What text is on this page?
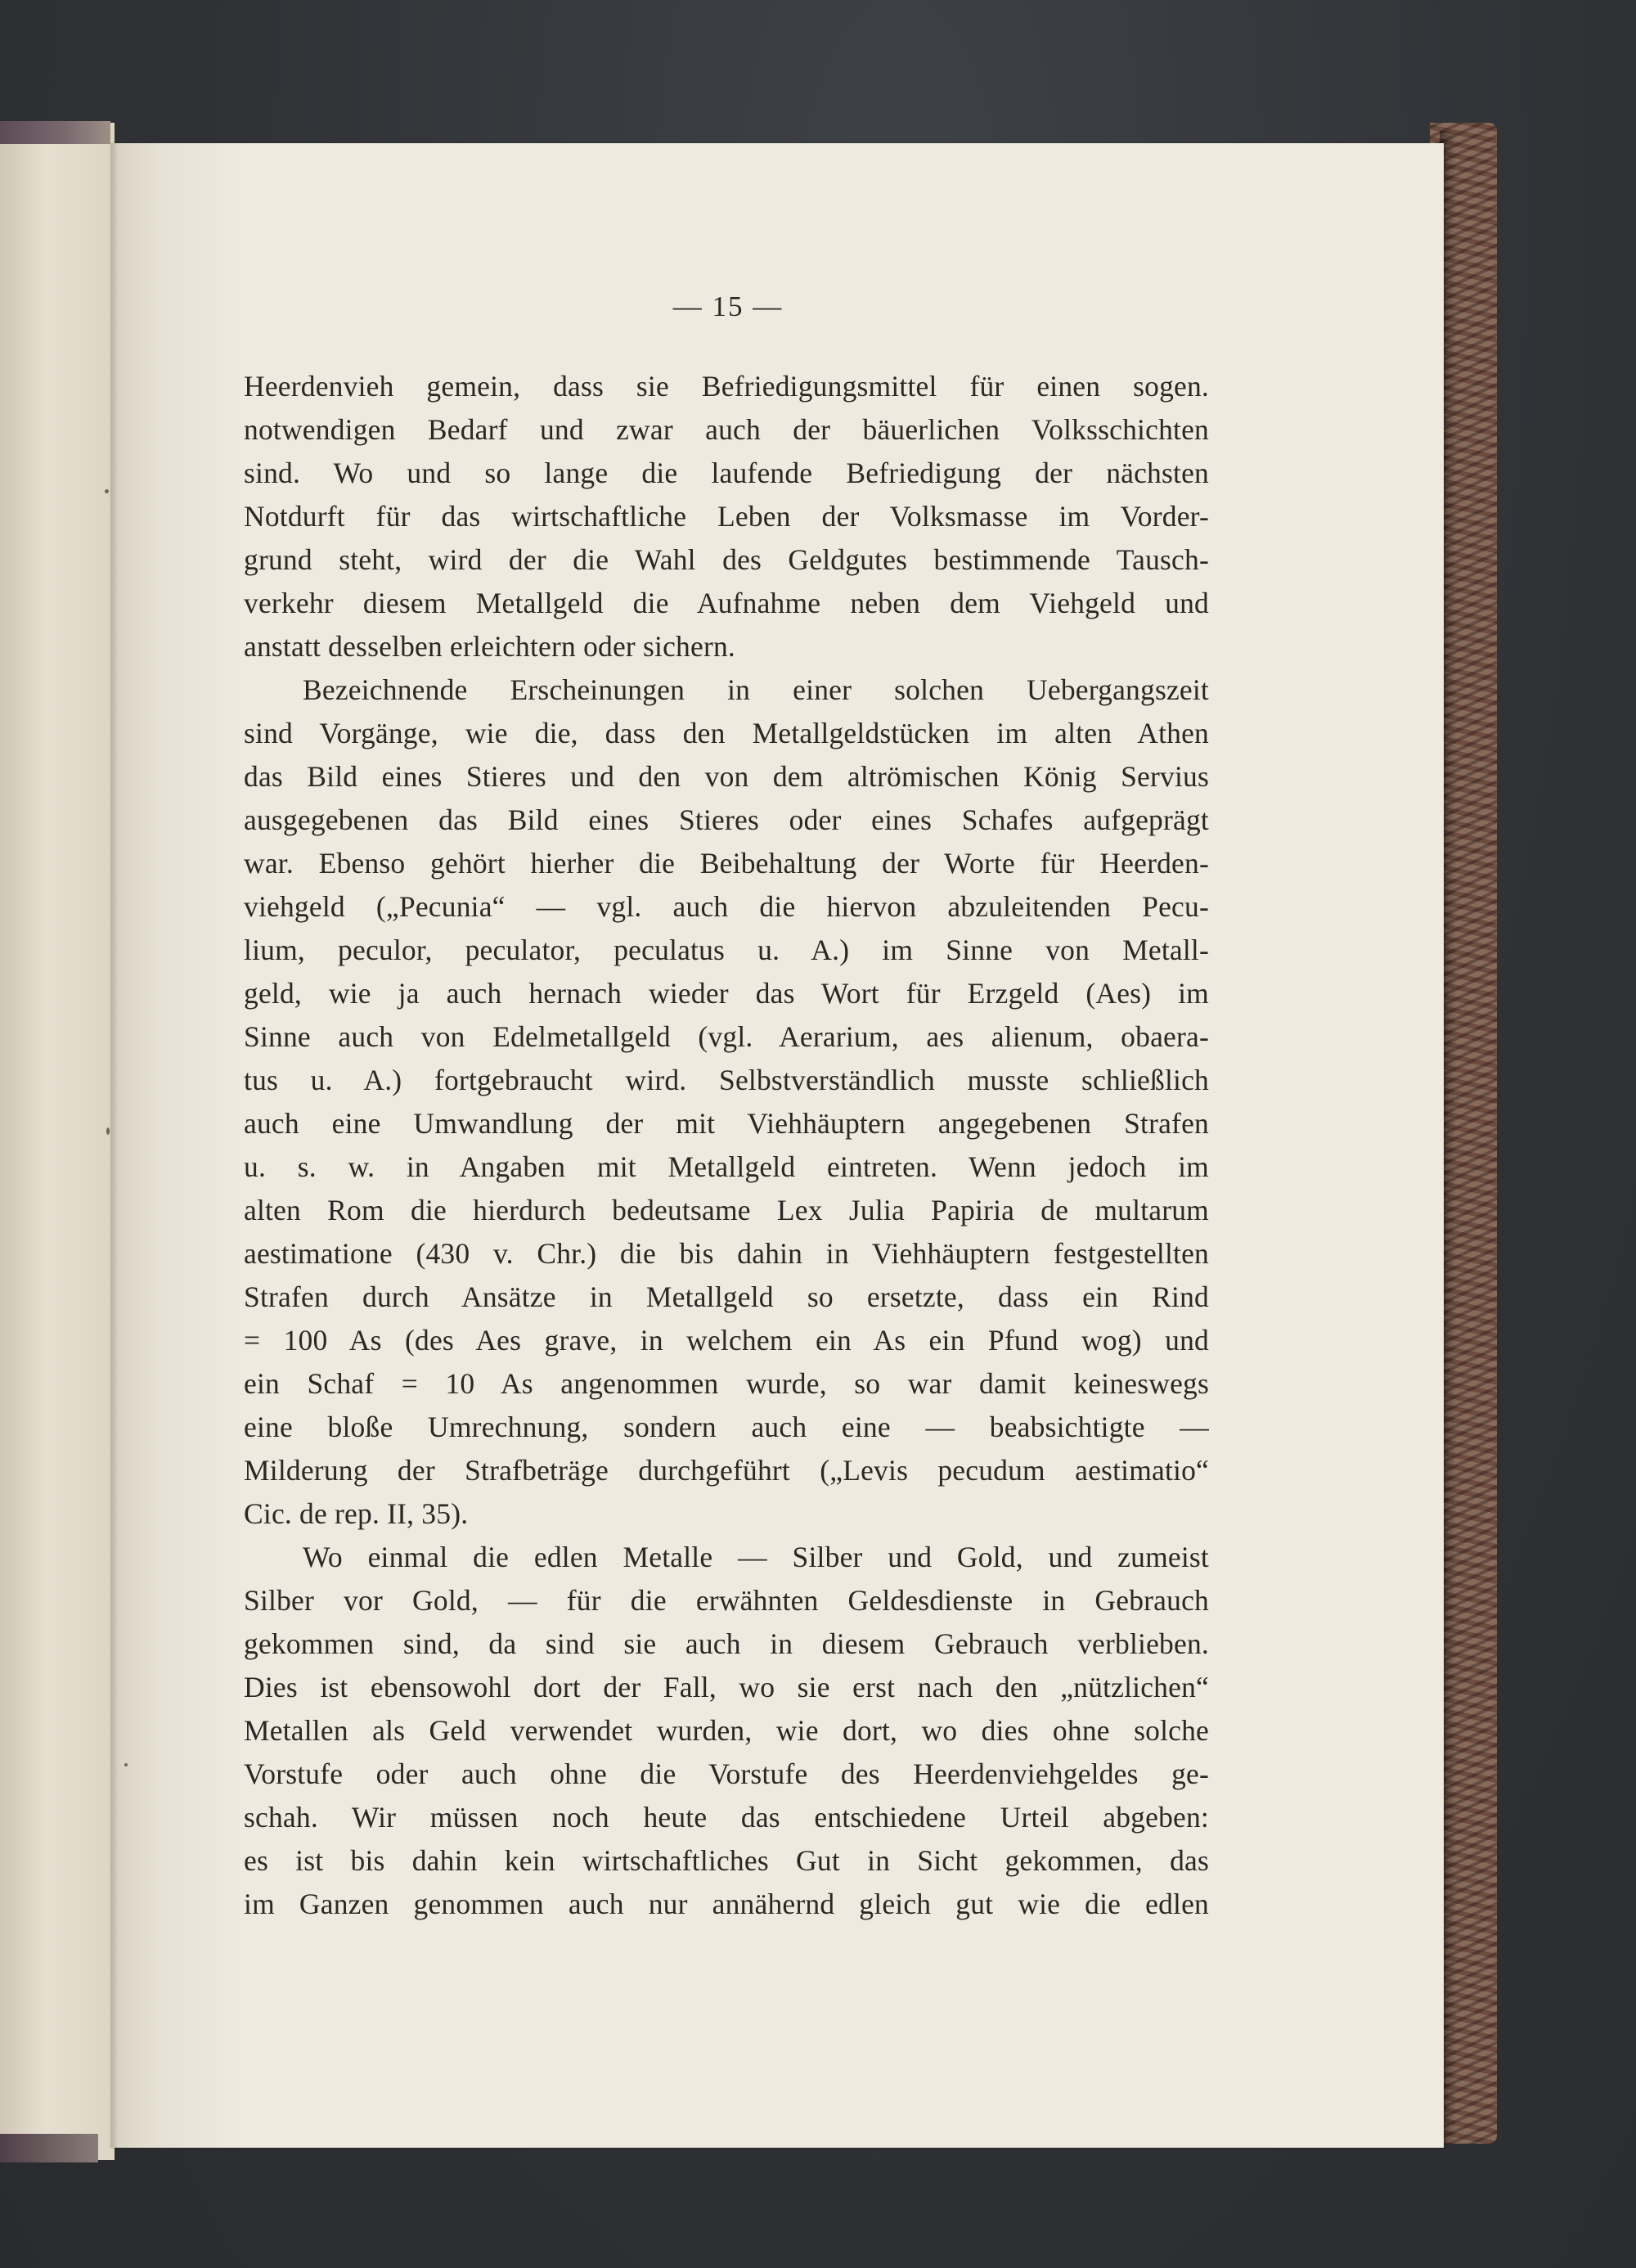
— 15 —
Heerdenvieh gemein, dass sie Befriedigungsmittel für einen sogen.
notwendigen Bedarf und zwar auch der bäuerlichen Volksschichten
sind. Wo und so lange die laufende Befriedigung der nächsten
Notdurft für das wirtschaftliche Leben der Volksmasse im Vorder-
grund steht, wird der die Wahl des Geldgutes bestimmende Tausch-
verkehr diesem Metallgeld die Aufnahme neben dem Viehgeld und
anstatt desselben erleichtern oder sichern.
Bezeichnende Erscheinungen in einer solchen Uebergangszeit
sind Vorgänge, wie die, dass den Metallgeldstücken im alten Athen
das Bild eines Stieres und den von dem altrömischen König Servius
ausgegebenen das Bild eines Stieres oder eines Schafes aufgeprägt
war. Ebenso gehört hierher die Beibehaltung der Worte für Heerden-
viehgeld („Pecunia“ — vgl. auch die hiervon abzuleitenden Pecu-
lium, peculor, peculator, peculatus u. A.) im Sinne von Metall-
geld, wie ja auch hernach wieder das Wort für Erzgeld (Aes) im
Sinne auch von Edelmetallgeld (vgl. Aerarium, aes alienum, obaera-
tus u. A.) fortgebraucht wird. Selbstverständlich musste schließlich
auch eine Umwandlung der mit Viehhäuptern angegebenen Strafen
u. s. w. in Angaben mit Metallgeld eintreten. Wenn jedoch im
alten Rom die hierdurch bedeutsame Lex Julia Papiria de multarum
aestimatione (430 v. Chr.) die bis dahin in Viehhäuptern festgestellten
Strafen durch Ansätze in Metallgeld so ersetzte, dass ein Rind
= 100 As (des Aes grave, in welchem ein As ein Pfund wog) und
ein Schaf = 10 As angenommen wurde, so war damit keineswegs
eine bloße Umrechnung, sondern auch eine — beabsichtigte —
Milderung der Strafbeträge durchgeführt („Levis pecudum aestimatio“
Cic. de rep. II, 35).
Wo einmal die edlen Metalle — Silber und Gold, und zumeist
Silber vor Gold, — für die erwähnten Geldesdienste in Gebrauch
gekommen sind, da sind sie auch in diesem Gebrauch verblieben.
Dies ist ebensowohl dort der Fall, wo sie erst nach den „nützlichen“
Metallen als Geld verwendet wurden, wie dort, wo dies ohne solche
Vorstufe oder auch ohne die Vorstufe des Heerdenviehgeldes ge-
schah. Wir müssen noch heute das entschiedene Urteil abgeben:
es ist bis dahin kein wirtschaftliches Gut in Sicht gekommen, das
im Ganzen genommen auch nur annähernd gleich gut wie die edlen
